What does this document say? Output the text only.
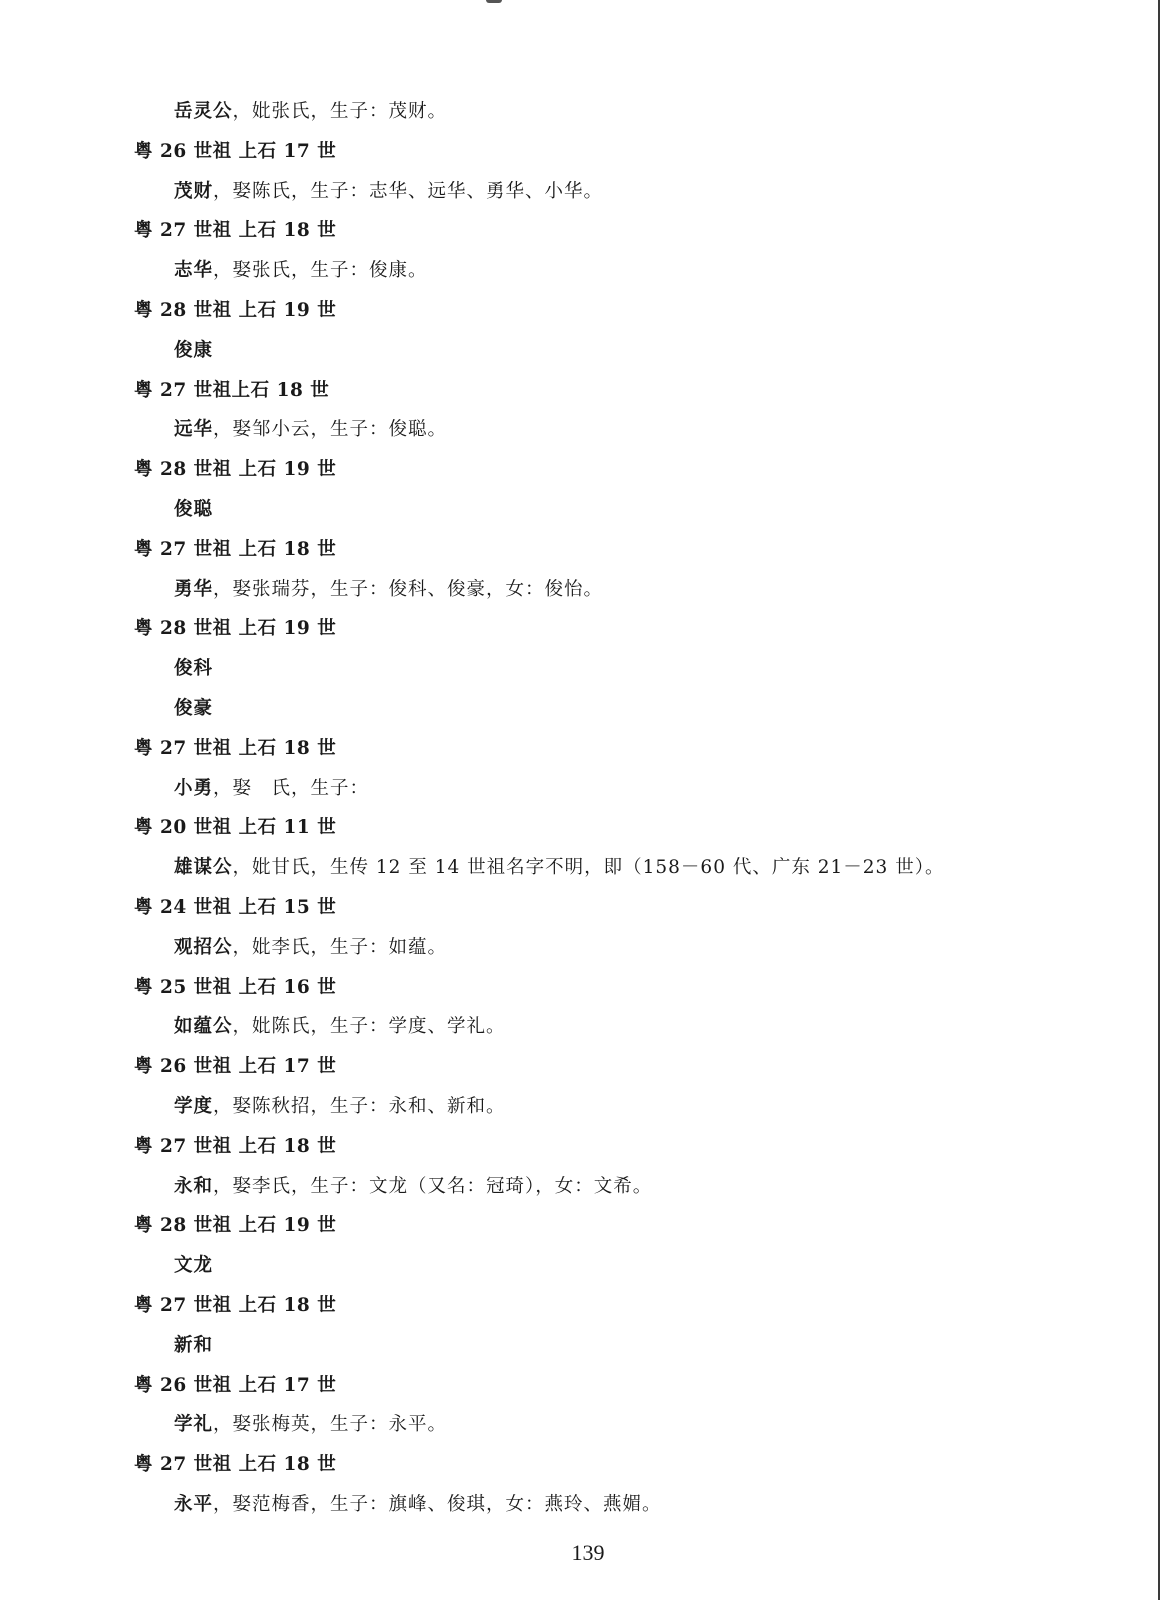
岳灵公，妣张氏，生子：茂财。
粤 26 世祖 上石 17 世
茂财，娶陈氏，生子：志华、远华、勇华、小华。
粤 27 世祖 上石 18 世
志华，娶张氏，生子：俊康。
粤 28 世祖 上石 19 世
俊康
粤 27 世祖上石 18 世
远华，娶邹小云，生子：俊聪。
粤 28 世祖 上石 19 世
俊聪
粤 27 世祖 上石 18 世
勇华，娶张瑞芬，生子：俊科、俊豪，女：俊怡。
粤 28 世祖 上石 19 世
俊科
俊豪
粤 27 世祖 上石 18 世
小勇，娶　氏，生子：
粤 20 世祖 上石 11 世
雄谋公，妣甘氏，生传 12 至 14 世祖名字不明，即（158－60 代、广东 21－23 世）。
粤 24 世祖 上石 15 世
观招公，妣李氏，生子：如蕴。
粤 25 世祖 上石 16 世
如蕴公，妣陈氏，生子：学度、学礼。
粤 26 世祖 上石 17 世
学度，娶陈秋招，生子：永和、新和。
粤 27 世祖 上石 18 世
永和，娶李氏，生子：文龙（又名：冠琦），女：文希。
粤 28 世祖 上石 19 世
文龙
粤 27 世祖 上石 18 世
新和
粤 26 世祖 上石 17 世
学礼，娶张梅英，生子：永平。
粤 27 世祖 上石 18 世
永平，娶范梅香，生子：旗峰、俊琪，女：燕玲、燕媚。
139
